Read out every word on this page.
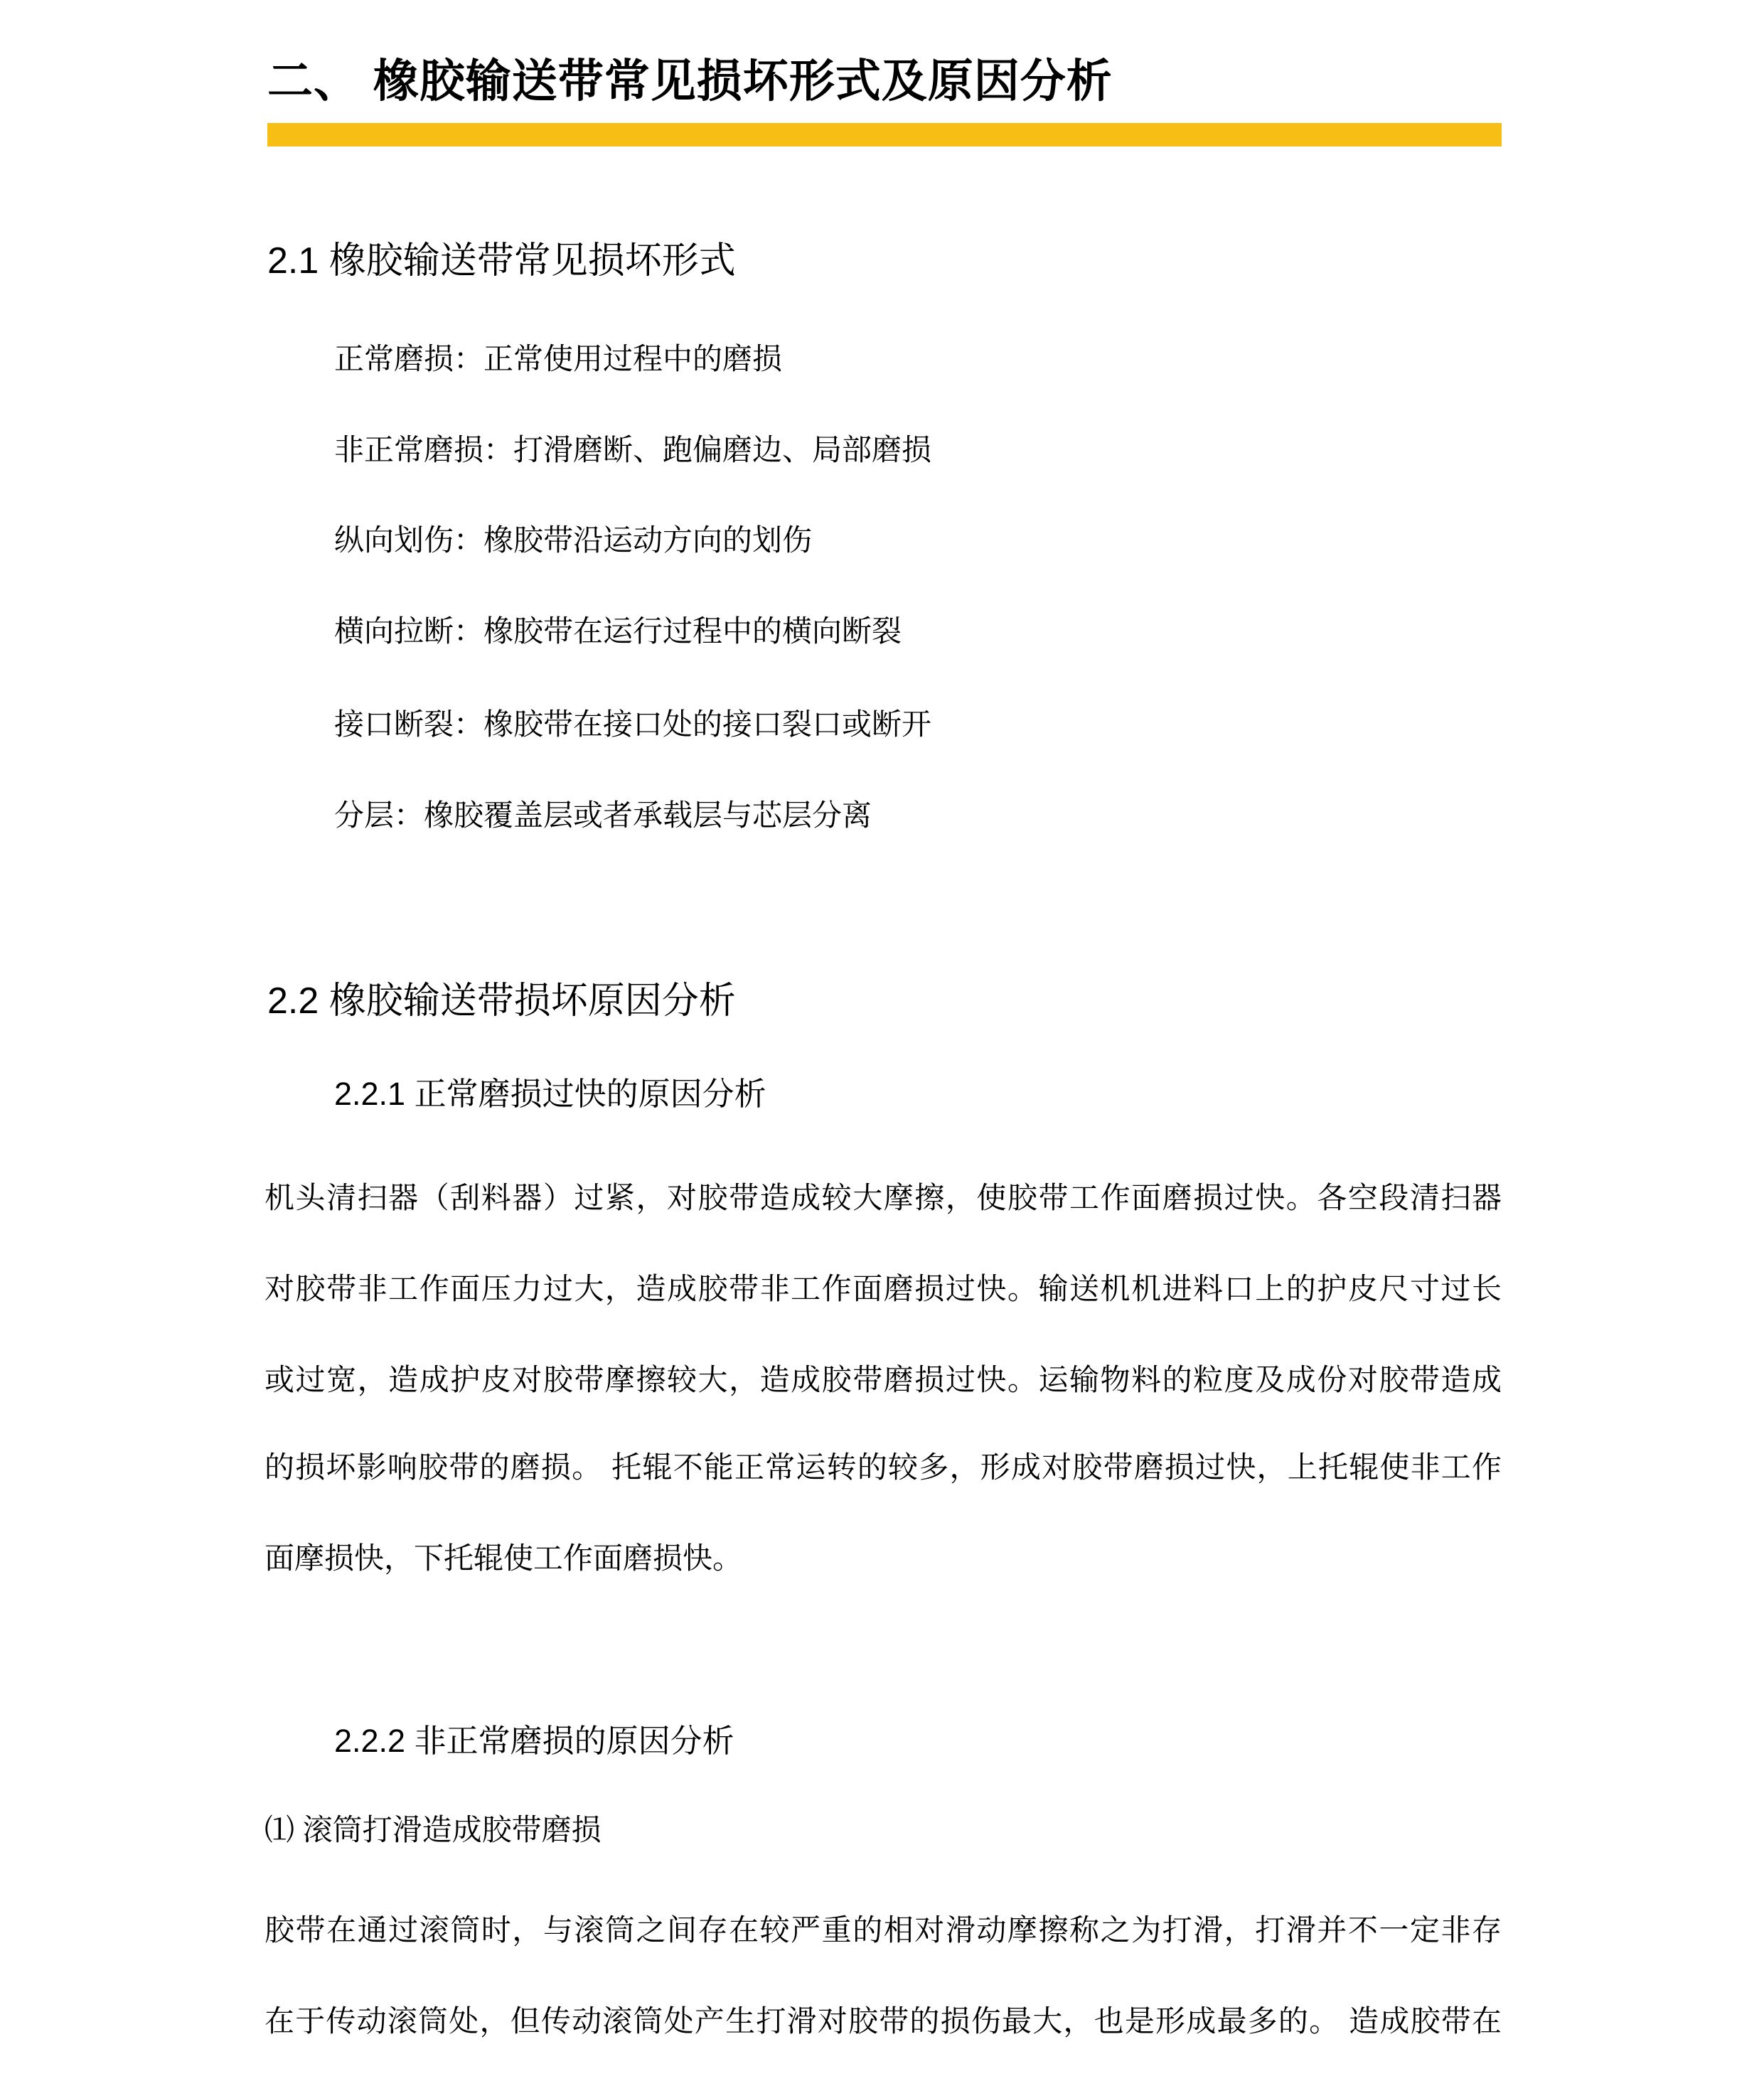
二、 橡胶输送带常见损坏形式及原因分析
2.1 橡胶输送带常见损坏形式
正常磨损：正常使用过程中的磨损
非正常磨损：打滑磨断、跑偏磨边、局部磨损
纵向划伤：橡胶带沿运动方向的划伤
横向拉断：橡胶带在运行过程中的横向断裂
接口断裂：橡胶带在接口处的接口裂口或断开
分层：橡胶覆盖层或者承载层与芯层分离
2.2 橡胶输送带损坏原因分析
2.2.1 正常磨损过快的原因分析
机头清扫器（刮料器）过紧，对胶带造成较大摩擦，使胶带工作面磨损过快。各空段清扫器
对胶带非工作面压力过大，造成胶带非工作面磨损过快。输送机机进料口上的护皮尺寸过长
或过宽，造成护皮对胶带摩擦较大，造成胶带磨损过快。运输物料的粒度及成份对胶带造成
的损坏影响胶带的磨损。 托辊不能正常运转的较多，形成对胶带磨损过快，上托辊使非工作
面摩损快，下托辊使工作面磨损快。
2.2.2 非正常磨损的原因分析
⑴ 滚筒打滑造成胶带磨损
胶带在通过滚筒时，与滚筒之间存在较严重的相对滑动摩擦称之为打滑，打滑并不一定非存
在于传动滚筒处，但传动滚筒处产生打滑对胶带的损伤最大，也是形成最多的。 造成胶带在
